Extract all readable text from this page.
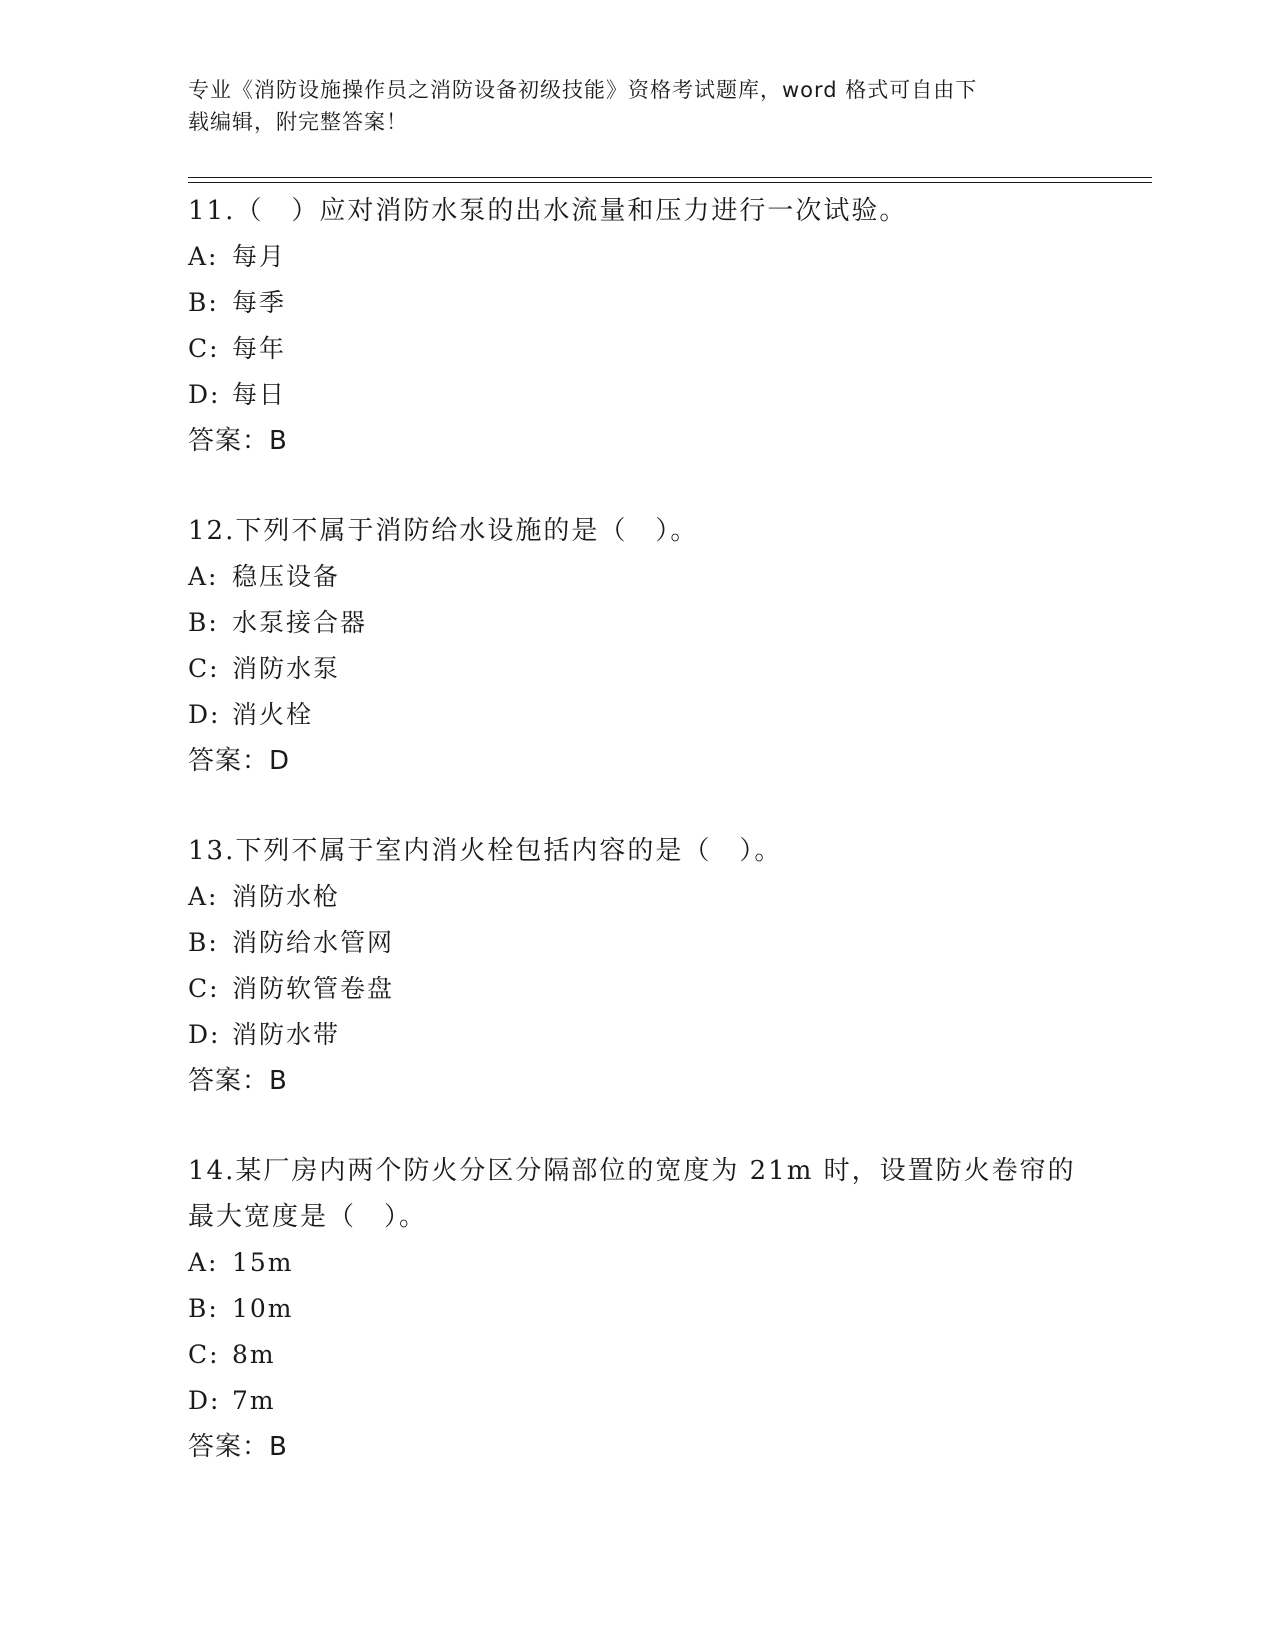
专业《消防设施操作员之消防设备初级技能》资格考试题库，word 格式可自由下
载编辑，附完整答案！
11.（　）应对消防水泵的出水流量和压力进行一次试验。
A: 每月
B: 每季
C: 每年
D: 每日
答案：B
12.下列不属于消防给水设施的是（　）。
A: 稳压设备
B: 水泵接合器
C: 消防水泵
D: 消火栓
答案：D
13.下列不属于室内消火栓包括内容的是（　）。
A: 消防水枪
B: 消防给水管网
C: 消防软管卷盘
D: 消防水带
答案：B
14.某厂房内两个防火分区分隔部位的宽度为 21m 时，设置防火卷帘的
最大宽度是（　）。
A: 15m
B: 10m
C: 8m
D: 7m
答案：B
